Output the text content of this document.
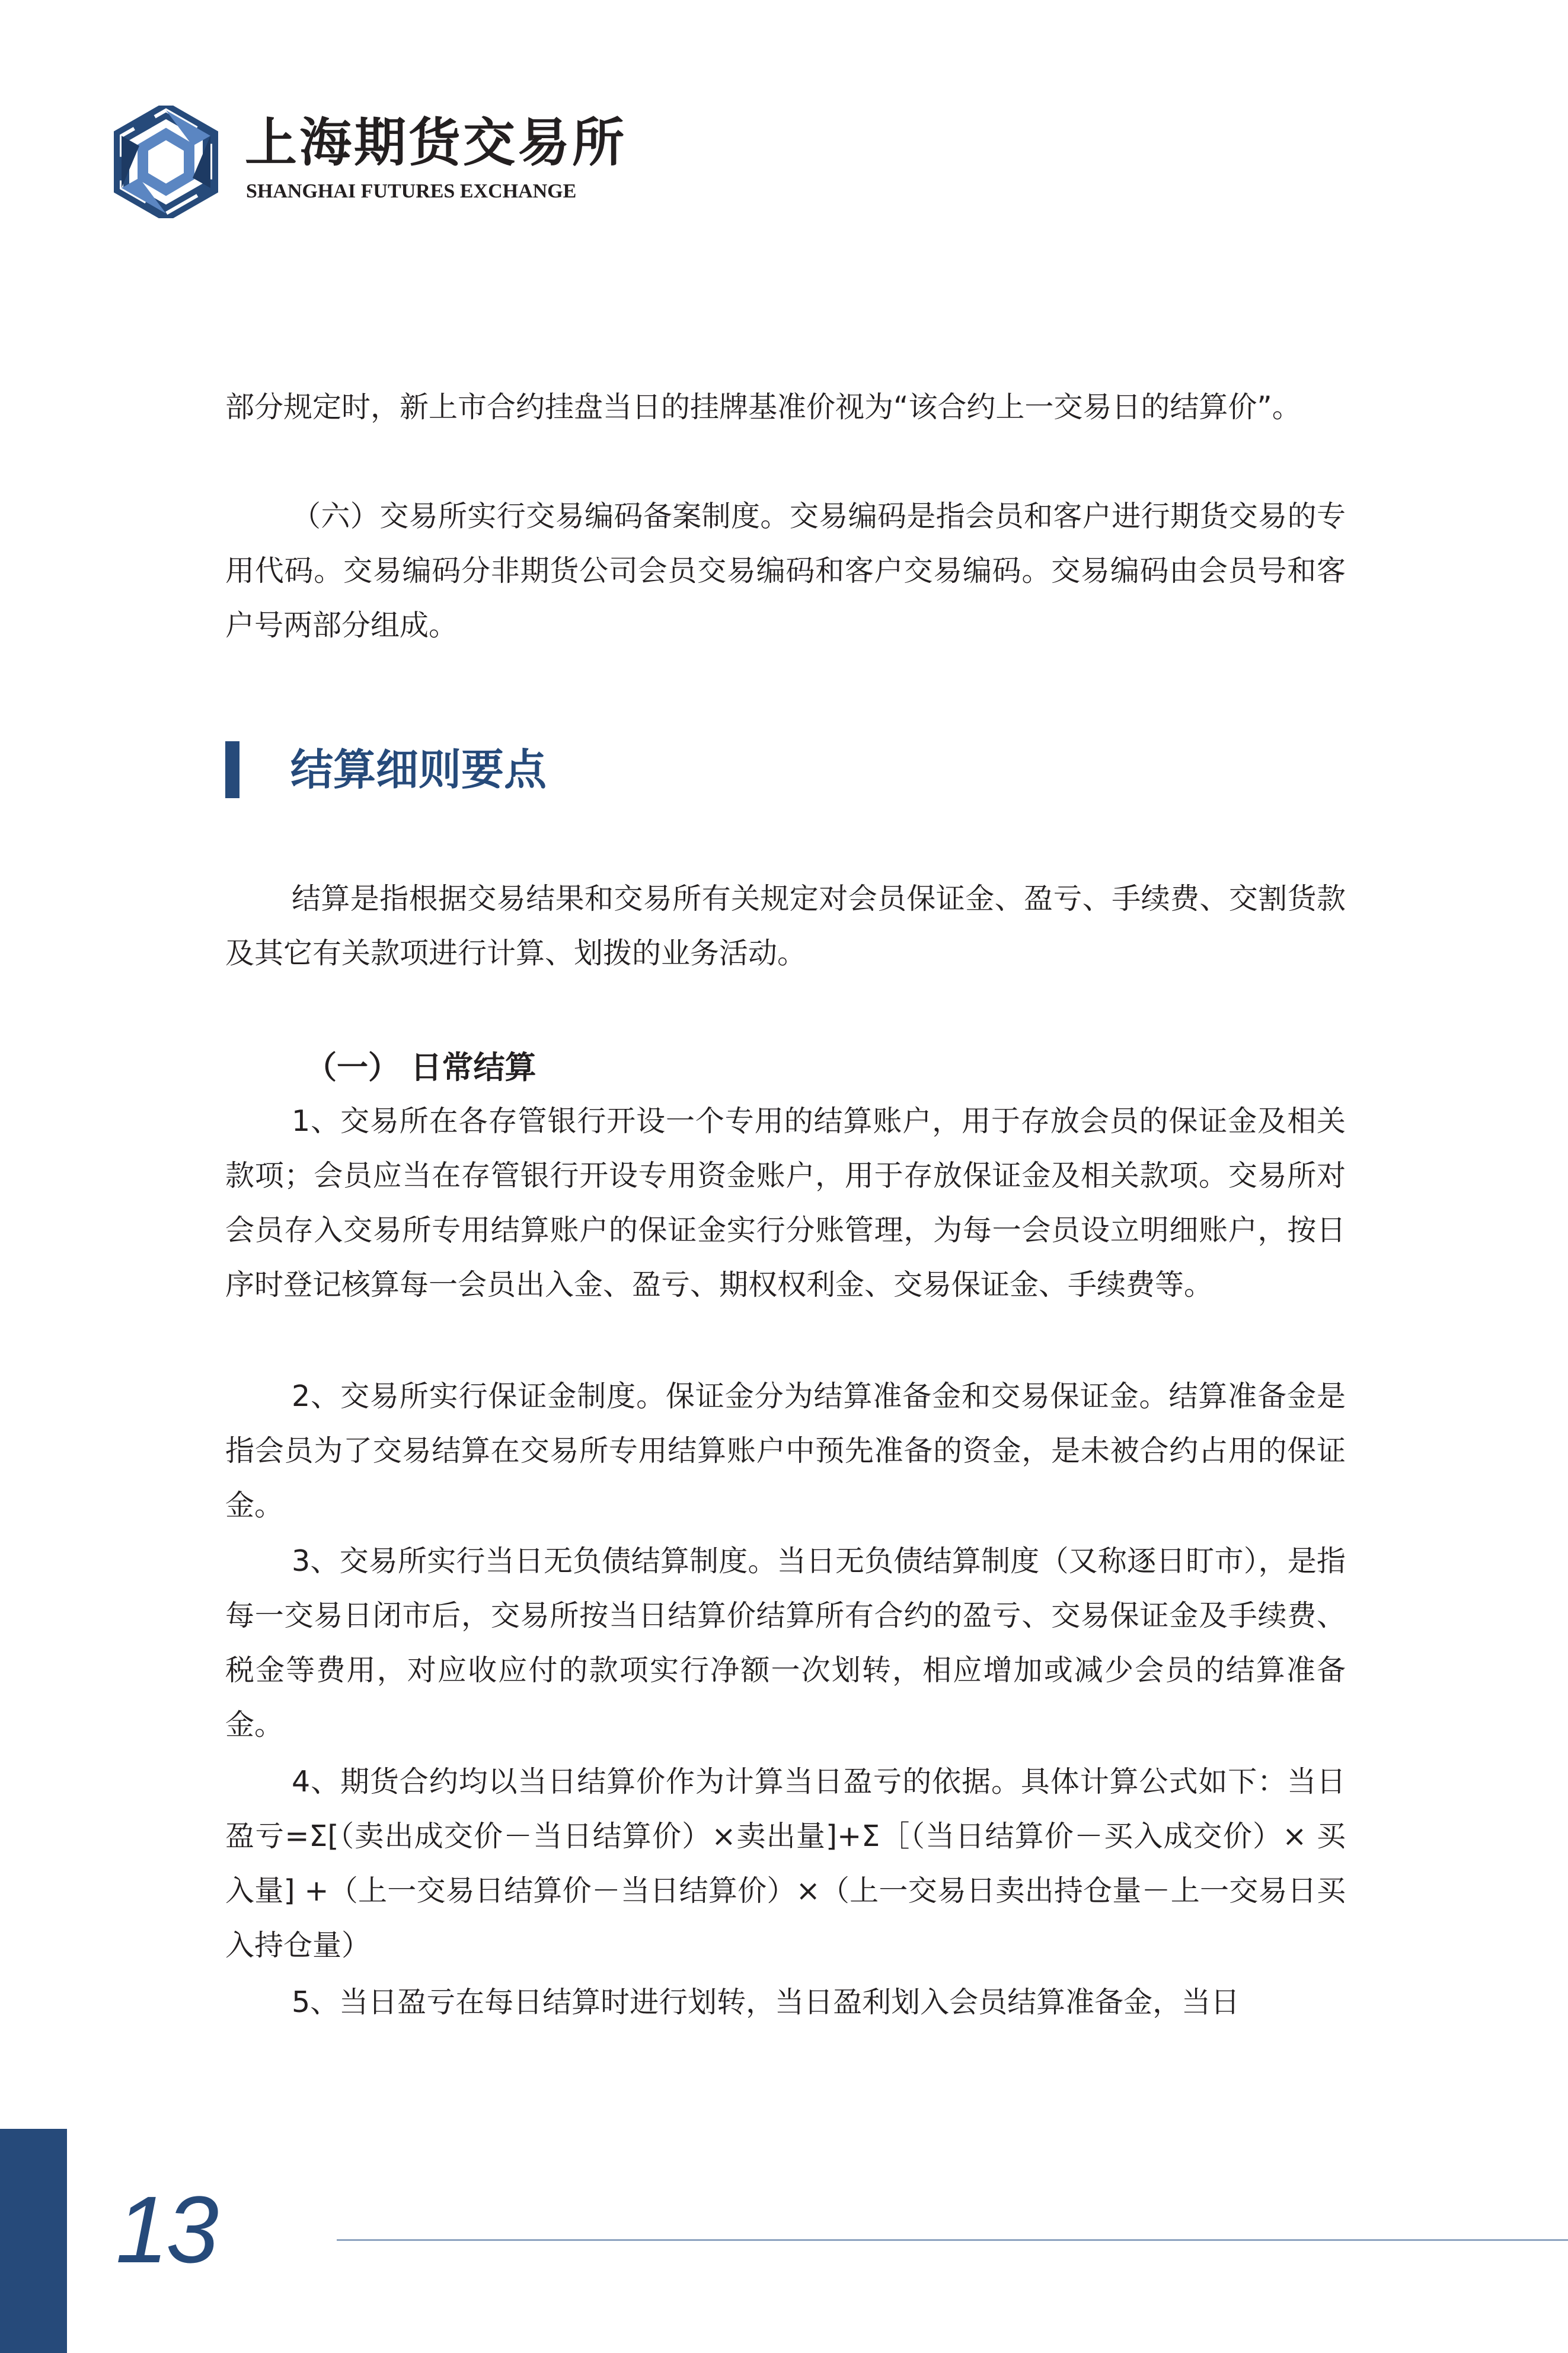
上海期货交易所
SHANGHAI FUTURES EXCHANGE

部分规定时，新上市合约挂盘当日的挂牌基准价视为“该合约上一交易日的结算价”。

（六）交易所实行交易编码备案制度。交易编码是指会员和客户进行期货交易的专用代码。交易编码分非期货公司会员交易编码和客户交易编码。交易编码由会员号和客户号两部分组成。

结算细则要点

结算是指根据交易结果和交易所有关规定对会员保证金、盈亏、手续费、交割货款及其它有关款项进行计算、划拨的业务活动。

（一） 日常结算

1、交易所在各存管银行开设一个专用的结算账户，用于存放会员的保证金及相关款项；会员应当在存管银行开设专用资金账户，用于存放保证金及相关款项。交易所对会员存入交易所专用结算账户的保证金实行分账管理，为每一会员设立明细账户，按日序时登记核算每一会员出入金、盈亏、期权权利金、交易保证金、手续费等。

2、交易所实行保证金制度。保证金分为结算准备金和交易保证金。结算准备金是指会员为了交易结算在交易所专用结算账户中预先准备的资金，是未被合约占用的保证金。

3、交易所实行当日无负债结算制度。当日无负债结算制度（又称逐日盯市），是指每一交易日闭市后，交易所按当日结算价结算所有合约的盈亏、交易保证金及手续费、税金等费用，对应收应付的款项实行净额一次划转，相应增加或减少会员的结算准备金。

4、期货合约均以当日结算价作为计算当日盈亏的依据。具体计算公式如下：当日盈亏=Σ[（卖出成交价－当日结算价）×卖出量]+Σ［（当日结算价－买入成交价）× 买入量] +（上一交易日结算价－当日结算价）×（上一交易日卖出持仓量－上一交易日买入持仓量）

5、当日盈亏在每日结算时进行划转，当日盈利划入会员结算准备金，当日

13
